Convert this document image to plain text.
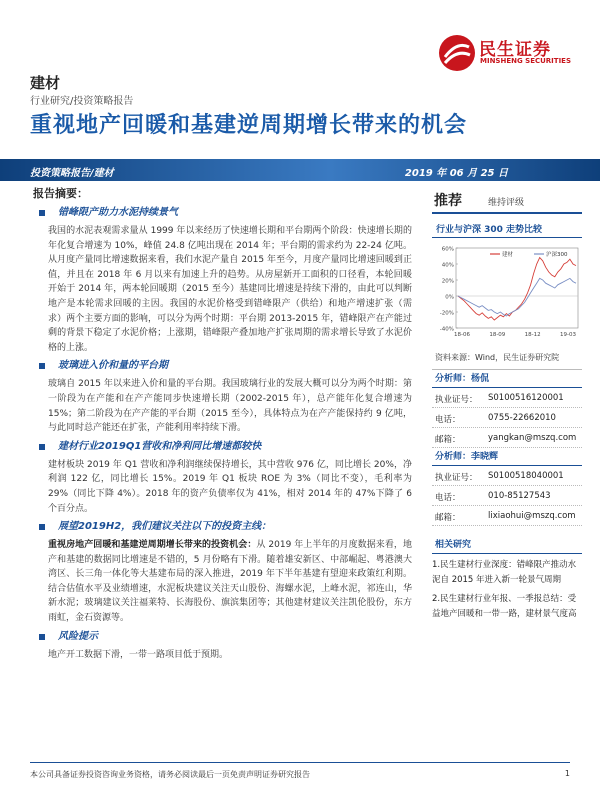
民生证券
MINSHENG SECURITIES
建材
行业研究/投资策略报告
重视地产回暖和基建逆周期增长带来的机会
投资策略报告/建材	2019 年 06 月 25 日
报告摘要：
错峰限产助力水泥持续景气

我国的水泥表观需求量从 1999 年以来经历了快速增长期和平台期两个阶段：快速增长期的年化复合增速为 10%，峰值 24.8 亿吨出现在 2014 年；平台期的需求约为 22-24 亿吨。从月度产量同比增速数据来看，我们水泥产量自 2015 年至今，月度产量同比增速回暖到正值，并且在 2018 年 6 月以来有加速上升的趋势。从房屋新开工面积的口径看，本轮回暖开始于 2014 年，两本轮回暖期（2015 至今）基建同比增速是持续下滑的，由此可以判断地产是本轮需求回暖的主因。我国的水泥价格受到错峰限产（供给）和地产增速扩张（需求）两个主要方面的影响，可以分为两个时期：平台期 2013-2015 年，错峰限产在产能过剩的背景下稳定了水泥价格；上涨期，错峰限产叠加地产扩张周期的需求增长导致了水泥价格的上涨。

玻璃进入价和量的平台期

玻璃自 2015 年以来进入价和量的平台期。我国玻璃行业的发展大概可以分为两个时期：第一阶段为在产能和在产产能同步快速增长期（2002-2015 年），总产能年化复合增速为 15%；第二阶段为在产产能的平台期（2015 至今），具体特点为在产产能保持约 9 亿吨，与此同时总产能还在扩张，产能利用率持续下滑。

建材行业2019Q1营收和净利同比增速都较快

建材板块 2019 年 Q1 营收和净利润继续保持增长，其中营收 976 亿，同比增长 20%，净利润 122 亿，同比增长 15%。2019 年 Q1 板块 ROE 为 3%（同比不变），毛利率为 29%（同比下降 4%）。2018 年的资产负债率仅为 41%，相对 2014 年的 47%下降了 6 个百分点。

展望2019H2，我们建议关注以下的投资主线：

重视房地产回暖和基建逆周期增长带来的投资机会：从 2019 年上半年的月度数据来看，地产和基建的数据同比增速是不错的，5 月份略有下滑。随着雄安新区、中部崛起、粤港澳大湾区、长三角一体化等大基建布局的深入推进，2019 年下半年基建有望迎来政策红利期。结合估值水平及业绩增速，水泥板块建议关注天山股份、海螺水泥，上峰水泥，祁连山，华新水泥；玻璃建议关注福莱特、长海股份、旗滨集团等；其他建材建议关注凯伦股份，东方雨虹，金石资源等。

风险提示

地产开工数据下滑，一带一路项目低于预期。

推荐	维持评级
行业与沪深 300 走势比较
60%
40%
20%
0%
-20%
-40%
18-06	18-09	18-12	19-03
建材	沪深300
资料来源：Wind，民生证券研究院
分析师：杨侃
执业证号： S0100516120001
电话：	0755-22662010
邮箱：	yangkan@mszq.com
分析师：李晓辉
执业证号： S0100518040001
电话：	010-85127543
邮箱：	lixiaohui@mszq.com
相关研究

1.民生建材行业深度：错峰限产推动水泥自 2015 年进入新一轮景气周期

2.民生建材行业年报、一季报总结：受益地产回暖和一带一路，建材景气度高

本公司具备证券投资咨询业务资格，请务必阅读最后一页免责声明证券研究报告	1
